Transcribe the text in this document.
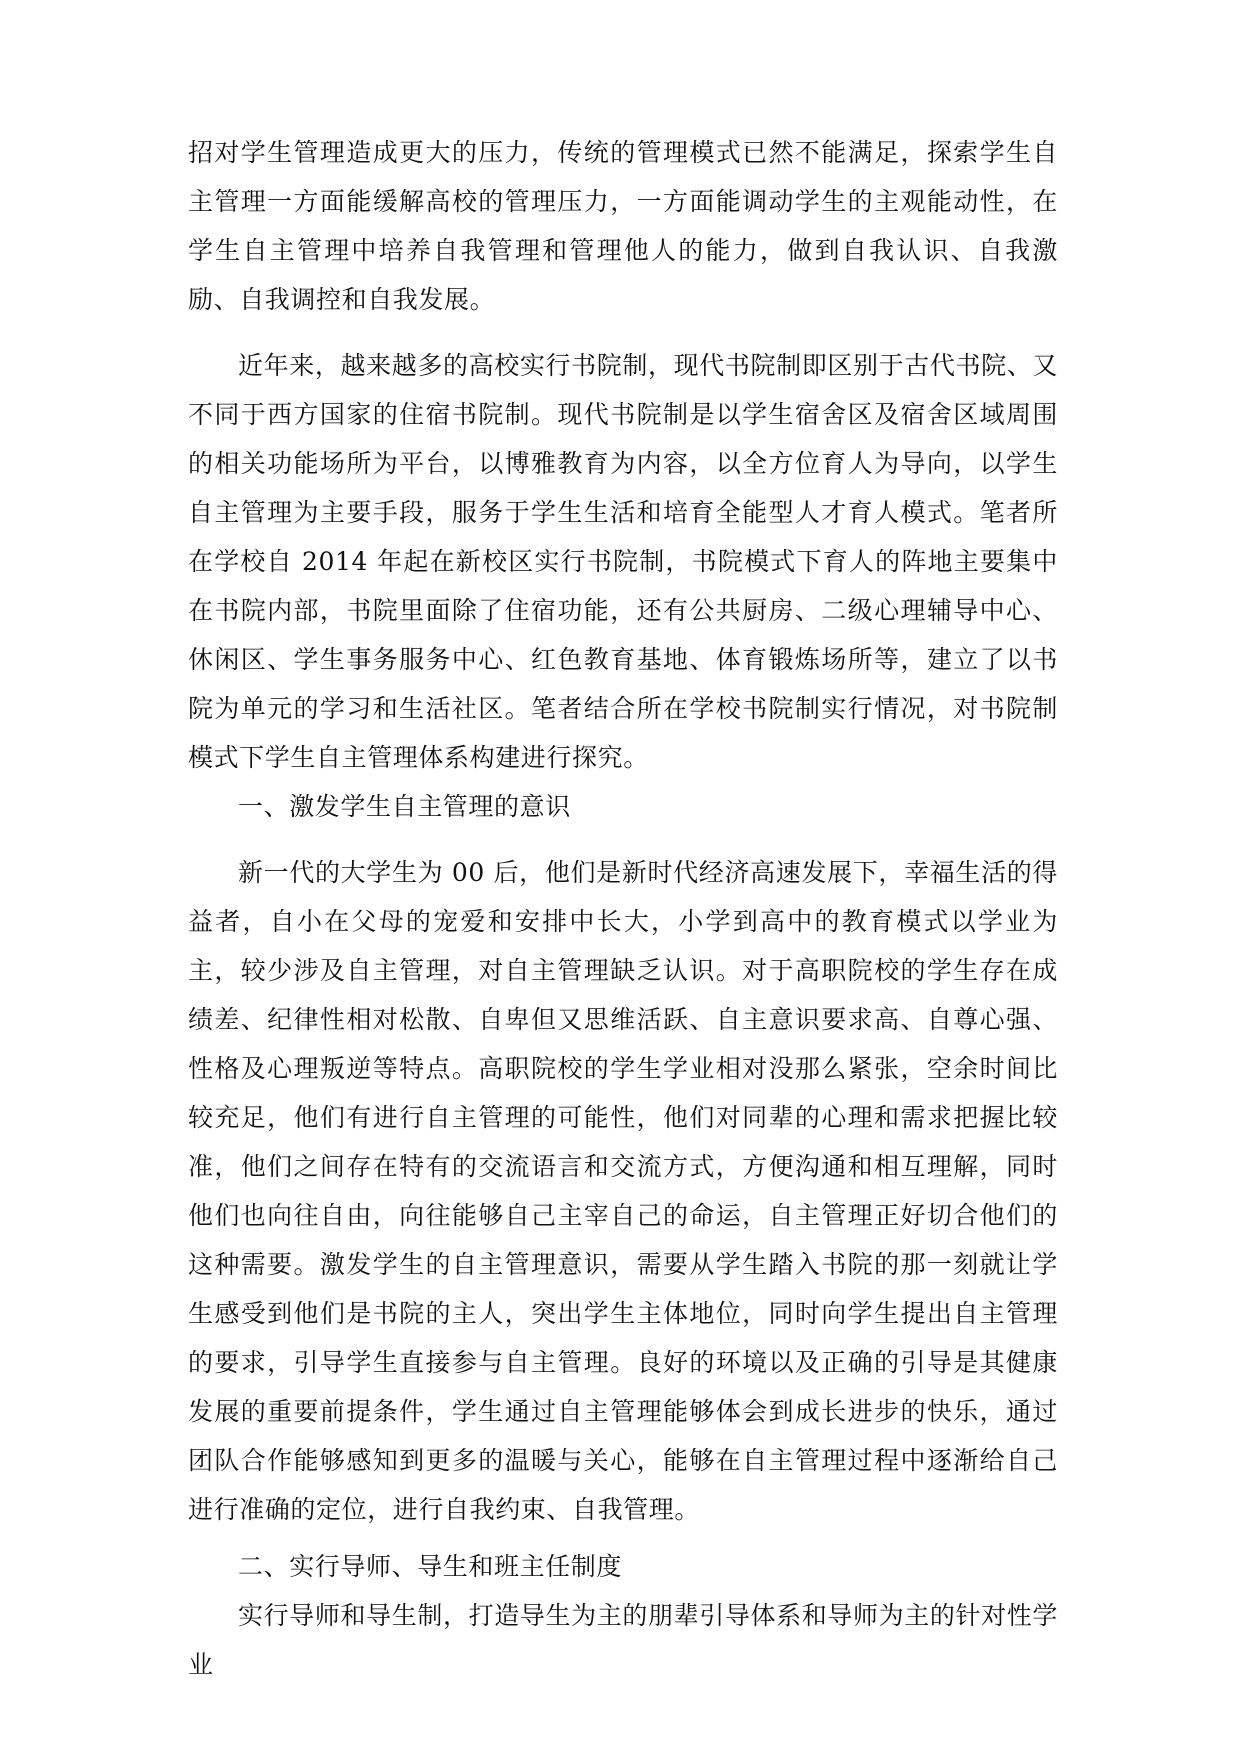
招对学生管理造成更大的压力，传统的管理模式已然不能满足，探索学生自主管理一方面能缓解高校的管理压力，一方面能调动学生的主观能动性，在学生自主管理中培养自我管理和管理他人的能力，做到自我认识、自我激励、自我调控和自我发展。

近年来，越来越多的高校实行书院制，现代书院制即区别于古代书院、又不同于西方国家的住宿书院制。现代书院制是以学生宿舍区及宿舍区域周围的相关功能场所为平台，以博雅教育为内容，以全方位育人为导向，以学生自主管理为主要手段，服务于学生生活和培育全能型人才育人模式。笔者所在学校自 2014 年起在新校区实行书院制，书院模式下育人的阵地主要集中在书院内部，书院里面除了住宿功能，还有公共厨房、二级心理辅导中心、休闲区、学生事务服务中心、红色教育基地、体育锻炼场所等，建立了以书院为单元的学习和生活社区。笔者结合所在学校书院制实行情况，对书院制模式下学生自主管理体系构建进行探究。

一、激发学生自主管理的意识

新一代的大学生为 00 后，他们是新时代经济高速发展下，幸福生活的得益者，自小在父母的宠爱和安排中长大，小学到高中的教育模式以学业为主，较少涉及自主管理，对自主管理缺乏认识。对于高职院校的学生存在成绩差、纪律性相对松散、自卑但又思维活跃、自主意识要求高、自尊心强、性格及心理叛逆等特点。高职院校的学生学业相对没那么紧张，空余时间比较充足，他们有进行自主管理的可能性，他们对同辈的心理和需求把握比较准，他们之间存在特有的交流语言和交流方式，方便沟通和相互理解，同时他们也向往自由，向往能够自己主宰自己的命运，自主管理正好切合他们的这种需要。激发学生的自主管理意识，需要从学生踏入书院的那一刻就让学生感受到他们是书院的主人，突出学生主体地位，同时向学生提出自主管理的要求，引导学生直接参与自主管理。良好的环境以及正确的引导是其健康发展的重要前提条件，学生通过自主管理能够体会到成长进步的快乐，通过团队合作能够感知到更多的温暖与关心，能够在自主管理过程中逐渐给自己进行准确的定位，进行自我约束、自我管理。

二、实行导师、导生和班主任制度

实行导师和导生制，打造导生为主的朋辈引导体系和导师为主的针对性学业
